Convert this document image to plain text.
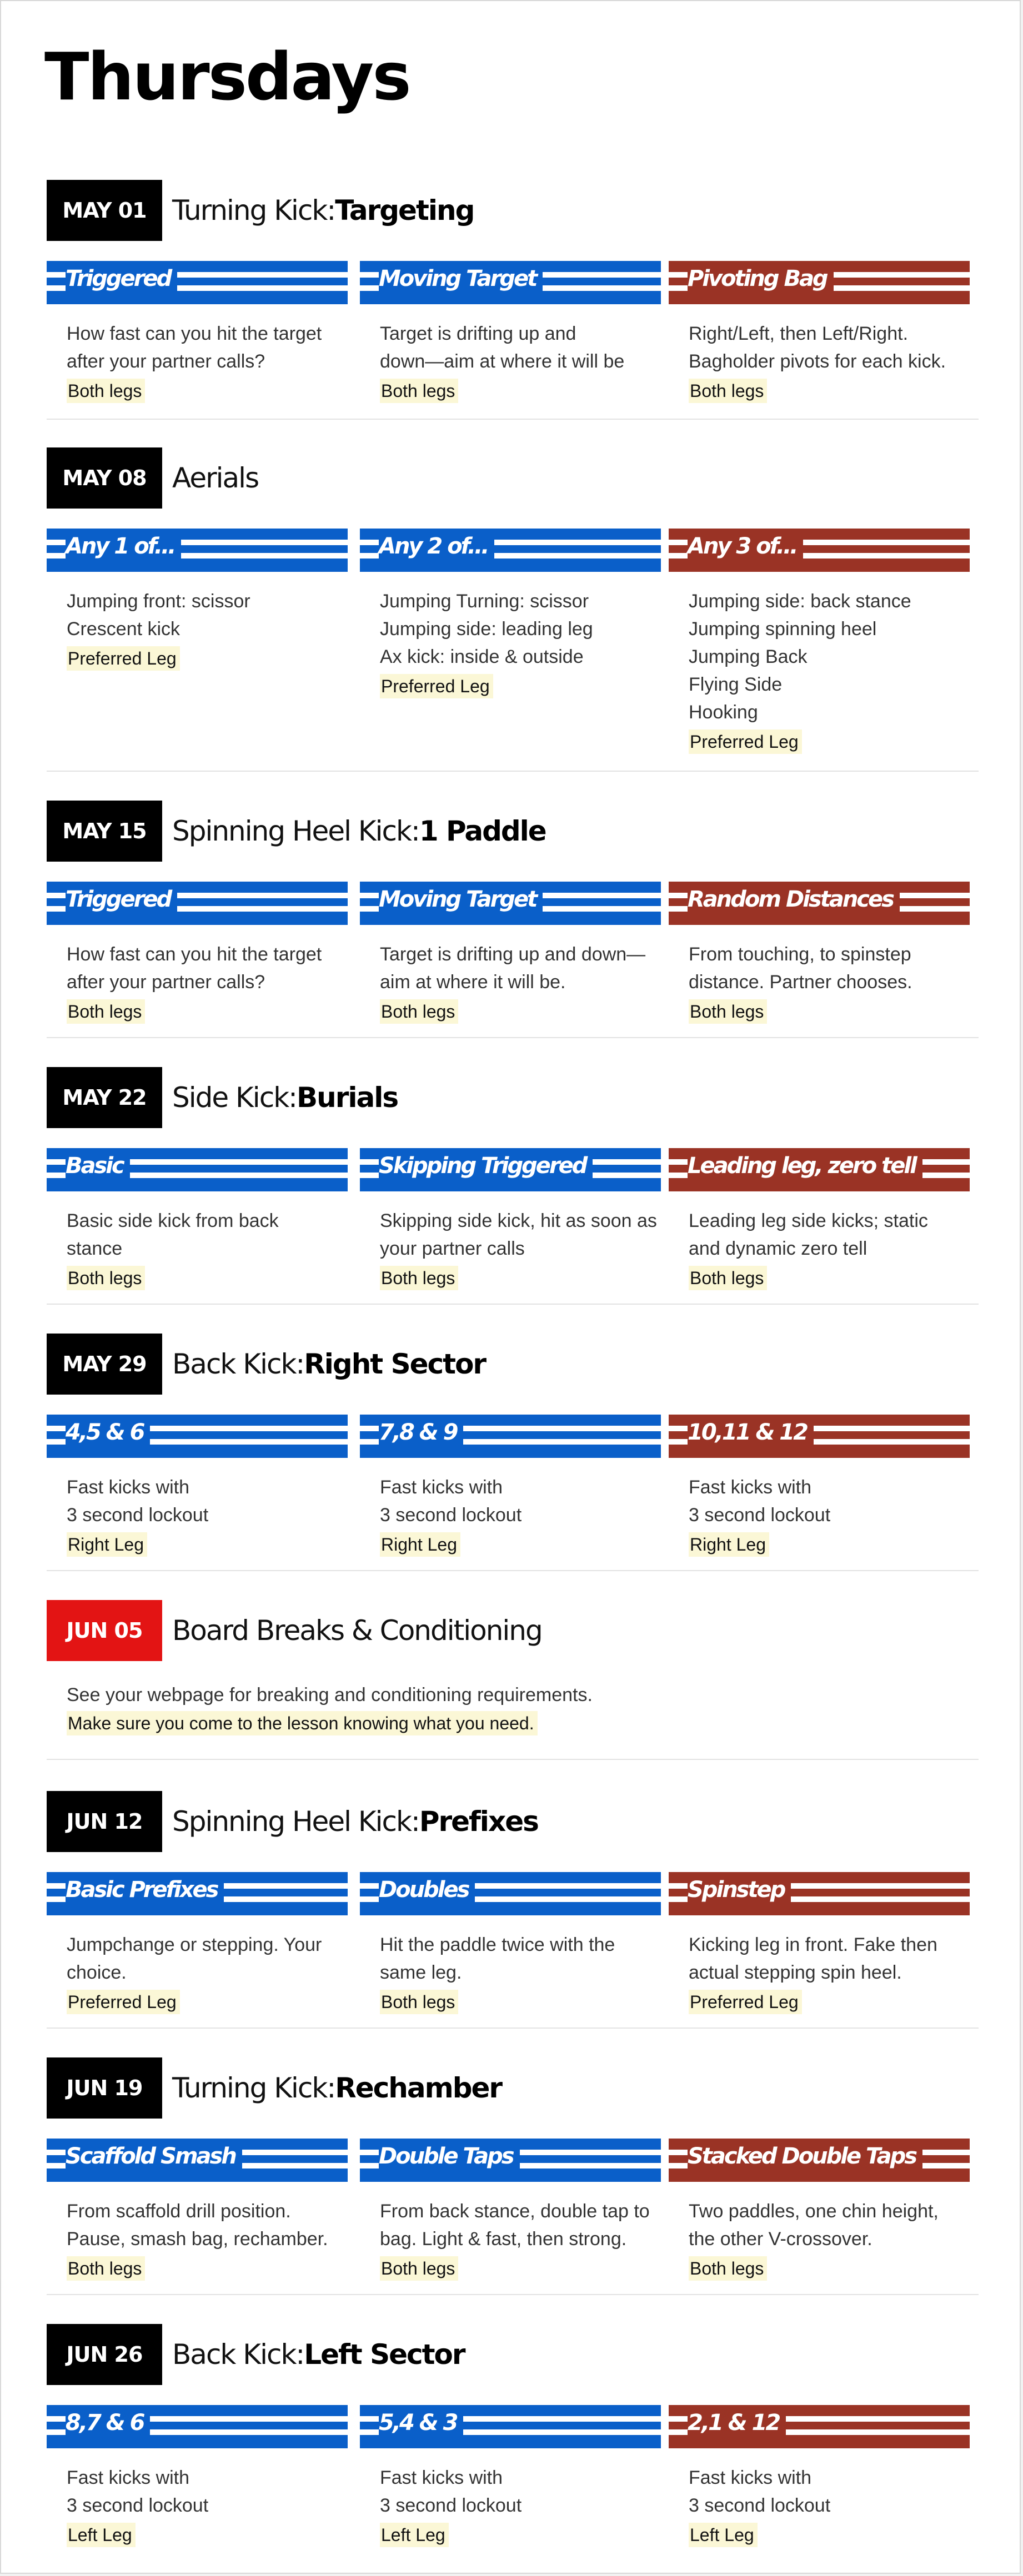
Thursdays
MAY 01 Turning Kick: Targeting
Triggered
How fast can you hit the target
after your partner calls?
Both legs
Moving Target
Target is drifting up and
down—aim at where it will be
Both legs
Pivoting Bag
Right/Left, then Left/Right.
Bagholder pivots for each kick.
Both legs
MAY 08 Aerials
Any 1 of...
Jumping front: scissor
Crescent kick
Preferred Leg
Any 2 of...
Jumping Turning: scissor
Jumping side: leading leg
Ax kick: inside & outside
Preferred Leg
Any 3 of...
Jumping side: back stance
Jumping spinning heel
Jumping Back
Flying Side
Hooking
Preferred Leg
MAY 15 Spinning Heel Kick: 1 Paddle
Triggered
How fast can you hit the target
after your partner calls?
Both legs
Moving Target
Target is drifting up and down—
aim at where it will be.
Both legs
Random Distances
From touching, to spinstep
distance. Partner chooses.
Both legs
MAY 22 Side Kick: Burials
Basic
Basic side kick from back
stance
Both legs
Skipping Triggered
Skipping side kick, hit as soon as
your partner calls
Both legs
Leading leg, zero tell
Leading leg side kicks; static
and dynamic zero tell
Both legs
MAY 29 Back Kick: Right Sector
4,5 & 6
Fast kicks with
3 second lockout
Right Leg
7,8 & 9
Fast kicks with
3 second lockout
Right Leg
10,11 & 12
Fast kicks with
3 second lockout
Right Leg
JUN 05	Board Breaks & Conditioning
See your webpage for breaking and conditioning requirements.
Make sure you come to the lesson knowing what you need.
JUN 12	Spinning Heel Kick: Prefixes
Basic Prefixes
Jumpchange or stepping. Your
choice.
Preferred Leg
Doubles
Hit the paddle twice with the
same leg.
Both legs
Spinstep
Kicking leg in front. Fake then
actual stepping spin heel.
Preferred Leg
JUN 19	Turning Kick: Rechamber
Scaffold Smash
From scaffold drill position.
Pause, smash bag, rechamber.
Both legs
Double Taps
From back stance, double tap to
bag. Light & fast, then strong.
Both legs
Stacked Double Taps
Two paddles, one chin height,
the other V-crossover.
Both legs
JUN 26	Back Kick: Left Sector
8,7 & 6
Fast kicks with
3 second lockout
Left Leg
5,4 & 3
Fast kicks with
3 second lockout
Left Leg
2,1 & 12
Fast kicks with
3 second lockout
Left Leg
